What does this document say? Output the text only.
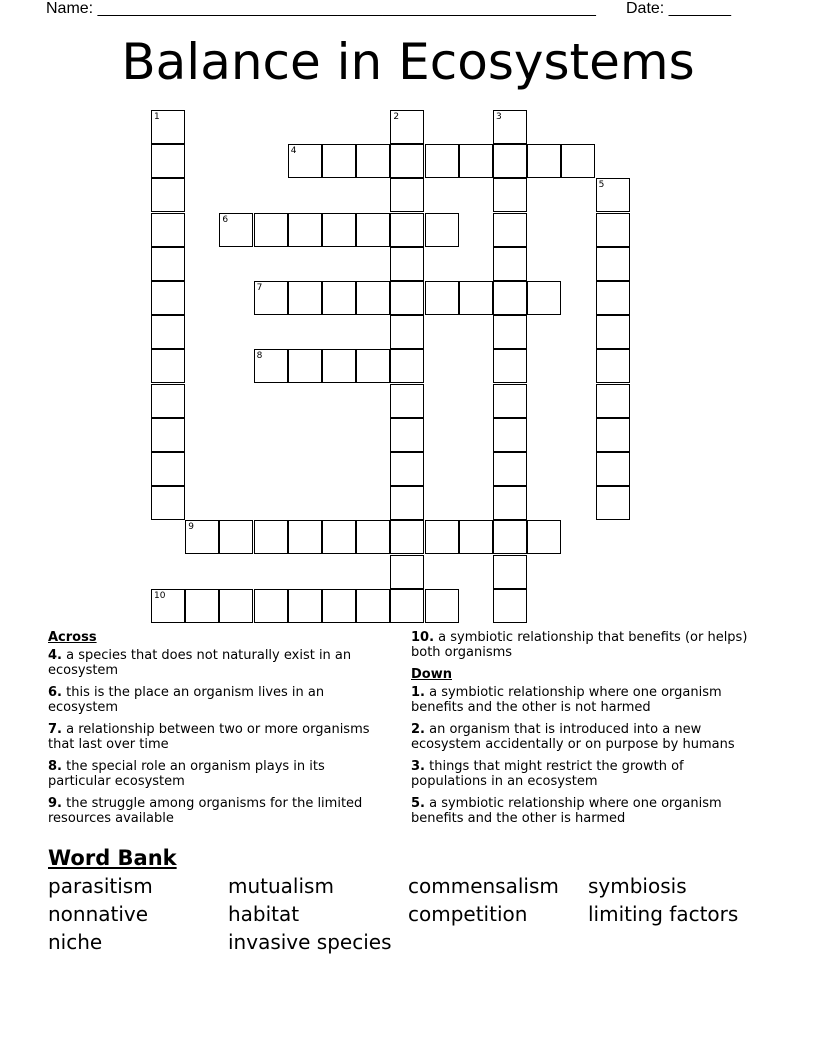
Name: ________________________________________________________ Date: _______
Balance in Ecosystems
1	2	3
4
5
6
7
8
9
10
Across
4. a species that does not naturally exist in an ecosystem
6. this is the place an organism lives in an ecosystem
7. a relationship between two or more organisms that last over time
8. the special role an organism plays in its particular ecosystem
9. the struggle among organisms for the limited resources available
10. a symbiotic relationship that benefits (or helps) both organisms
Down
1. a symbiotic relationship where one organism benefits and the other is not harmed
2. an organism that is introduced into a new ecosystem accidentally or on purpose by humans
3. things that might restrict the growth of populations in an ecosystem
5. a symbiotic relationship where one organism benefits and the other is harmed
Word Bank
parasitism	mutualism	commensalism symbiosis
nonnative	habitat	competition	limiting factors
niche	invasive species
